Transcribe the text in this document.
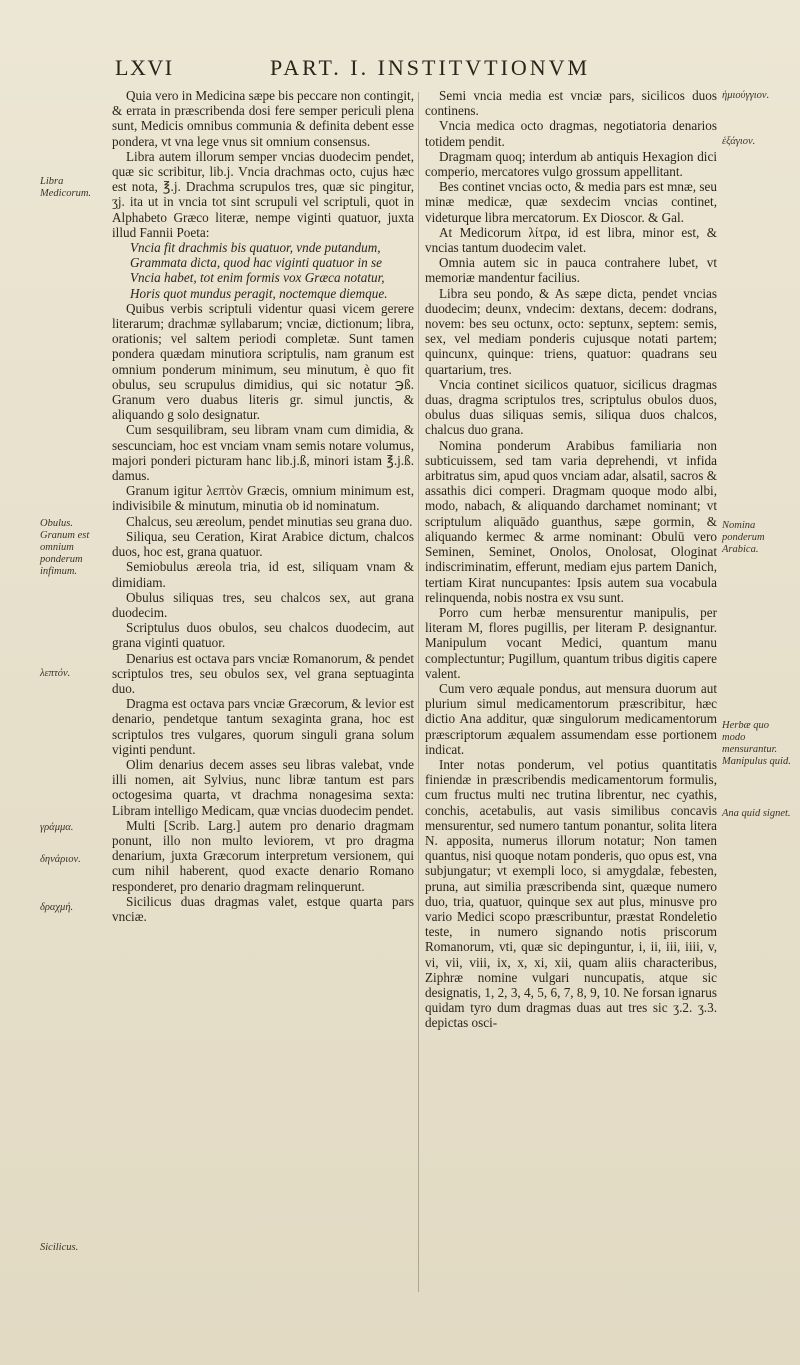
LXVI	PART. I. INSTITVTIONVM

Quia vero in Medicina sæpe bis peccare non contingit, & errata in præscribenda dosi fere semper periculi plena sunt, Medicis omnibus communia & definita debent esse pondera, vt vna lege vnus sit omnium consensus.

Libra autem illorum semper vncias duodecim pendet, quæ sic scribitur, lib.j. Vncia drachmas octo, cujus hæc est nota, ℥.j. Drachma scrupulos tres, quæ sic pingitur, ʒj. ita ut in vncia tot sint scrupuli vel scriptuli, quot in Alphabeto Græco literæ, nempe viginti quatuor, juxta illud Fannii Poeta:

Vncia fit drachmis bis quatuor, vnde putandum,

Grammata dicta, quod hac viginti quatuor in se

Vncia habet, tot enim formis vox Græca notatur,

Horis quot mundus peragit, noctemque diemque.

Quibus verbis scriptuli videntur quasi vicem gerere literarum; drachmæ syllabarum; vnciæ, dictionum; libra, orationis; vel saltem periodi completæ. Sunt tamen pondera quædam minutiora scriptulis, nam granum est omnium ponderum minimum, seu minutum, è quo fit obulus, seu scrupulus dimidius, qui sic notatur ℈ß. Granum vero duabus literis gr. simul junctis, & aliquando g solo designatur.

Cum sesquilibram, seu libram vnam cum dimidia, & sescunciam, hoc est vnciam vnam semis notare volumus, majori ponderi picturam hanc lib.j.ß, minori istam ℥.j.ß. damus.

Granum igitur λεπτὸν Græcis, omnium minimum est, indivisibile & minutum, minutia ob id nominatum.

Chalcus, seu æreolum, pendet minutias seu grana duo.

Siliqua, seu Ceration, Kirat Arabice dictum, chalcos duos, hoc est, grana quatuor.

Semiobulus æreola tria, id est, siliquam vnam & dimidiam.

Obulus siliquas tres, seu chalcos sex, aut grana duodecim.

Scriptulus duos obulos, seu chalcos duodecim, aut grana viginti quatuor.

Denarius est octava pars vnciæ Romanorum, & pendet scriptulos tres, seu obulos sex, vel grana septuaginta duo.

Dragma est octava pars vnciæ Græcorum, & levior est denario, pendetque tantum sexaginta grana, hoc est scriptulos tres vulgares, quorum singuli grana solum viginti pendunt.

Olim denarius decem asses seu libras valebat, vnde illi nomen, ait Sylvius, nunc libræ tantum est pars octogesima quarta, vt drachma nonagesima sexta: Libram intelligo Medicam, quæ vncias duodecim pendet.

Multi [Scrib. Larg.] autem pro denario dragmam ponunt, illo non multo leviorem, vt pro dragma denarium, juxta Græcorum interpretum versionem, qui cum nihil haberent, quod exacte denario Romano responderet, pro denario dragmam relinquerunt.

Sicilicus duas dragmas valet, estque quarta pars vnciæ.

Semi vncia media est vnciæ pars, sicilicos duos continens.

Vncia medica octo dragmas, negotiatoria denarios totidem pendit.

Dragmam quoq; interdum ab antiquis Hexagion dici comperio, mercatores vulgo grossum appellitant.

Bes continet vncias octo, & media pars est mnæ, seu minæ medicæ, quæ sexdecim vncias continet, videturque libra mercatorum. Ex Dioscor. & Gal.

At Medicorum λίτρα, id est libra, minor est, & vncias tantum duodecim valet.

Omnia autem sic in pauca contrahere lubet, vt memoriæ mandentur facilius.

Libra seu pondo, & As sæpe dicta, pendet vncias duodecim; deunx, vndecim: dextans, decem: dodrans, novem: bes seu octunx, octo: septunx, septem: semis, sex, vel mediam ponderis cujusque notati partem; quincunx, quinque: triens, quatuor: quadrans seu quartarium, tres.

Vncia continet sicilicos quatuor, sicilicus dragmas duas, dragma scriptulos tres, scriptulus obulos duos, obulus duas siliquas semis, siliqua duos chalcos, chalcus duo grana.

Nomina ponderum Arabibus familiaria non subticuissem, sed tam varia deprehendi, vt infida arbitratus sim, apud quos vnciam adar, alsatil, sacros & assathis dici comperi. Dragmam quoque modo albi, modo, nabach, & aliquando darchamet nominant; vt scriptulum aliquādo guanthus, sæpe gormin, & aliquando kermec & arme nominant: Obulū vero Seminen, Seminet, Onolos, Onolosat, Ologinat indiscriminatim, efferunt, mediam ejus partem Danich, tertiam Kirat nuncupantes: Ipsis autem sua vocabula relinquenda, nobis nostra ex vsu sunt.

Porro cum herbæ mensurentur manipulis, per literam M, flores pugillis, per literam P. designantur. Manipulum vocant Medici, quantum manu complectuntur; Pugillum, quantum tribus digitis capere valent.

Cum vero æquale pondus, aut mensura duorum aut plurium simul medicamentorum præscribitur, hæc dictio Ana additur, quæ singulorum medicamentorum præscriptorum æqualem assumendam esse portionem indicat.

Inter notas ponderum, vel potius quantitatis finiendæ in præscribendis medicamentorum formulis, cum fructus multi nec trutina librentur, nec cyathis, conchis, acetabulis, aut vasis similibus concavis mensurentur, sed numero tantum ponantur, solita litera N. apposita, numerus illorum notatur; Non tamen quantus, nisi quoque notam ponderis, quo opus est, vna subjungatur; vt exempli loco, si amygdalæ, febesten, pruna, aut similia præscribenda sint, quæque numero duo, tria, quatuor, quinque sex aut plus, minusve pro vario Medici scopo præscribuntur, præstat Rondeletio teste, in numero signando notis priscorum Romanorum, vti, quæ sic depinguntur, i, ii, iii, iiii, v, vi, vii, viii, ix, x, xi, xii, quam aliis characteribus, Ziphræ nomine vulgari nuncupatis, atque sic designatis, 1, 2, 3, 4, 5, 6, 7, 8, 9, 10. Ne forsan ignarus quidam tyro dum dragmas duas aut tres sic ʒ.2. ʒ.3. depictas osci-

Libra Medicorum.
Obulus. Granum est omnium ponderum infimum.
λεπτόν.
γράμμα.
δηνάριον.
δραχμή.
Sicilicus.
ἡμιούγγιον.
ἑξάγιον.
Nomina ponderum Arabica.
Herbæ quo modo mensurantur. Manipulus quid.
Ana quid signet.
